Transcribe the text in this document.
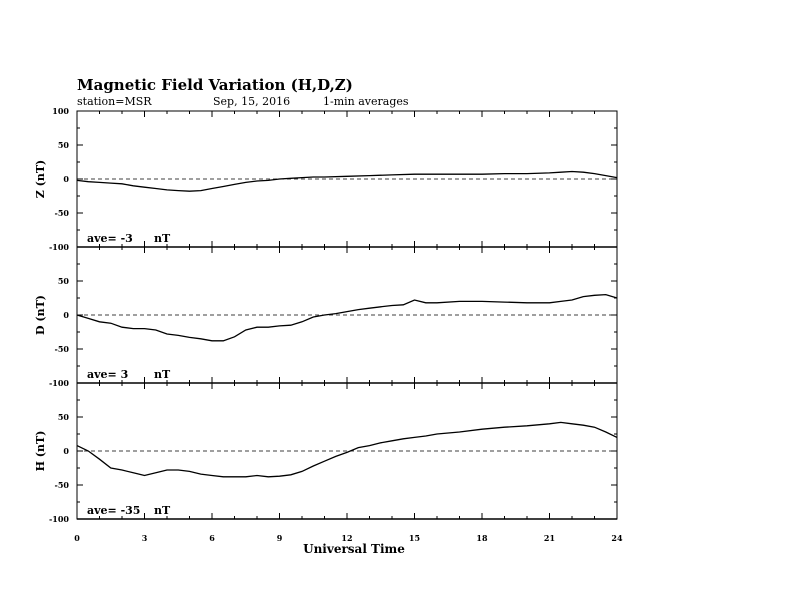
Magnetic Field Variation (H,D,Z)
station=MSR	Sep, 15, 2016	1-min averages
100
50
0
-50
-100
Z (nT)
ave= -3 nT
50
0
-50
-100
D (nT)
ave= 3 nT
50
0
-50
-100
H (nT)
ave= -35 nT
0	3	6	9	12	15	18	21	24
Universal Time
